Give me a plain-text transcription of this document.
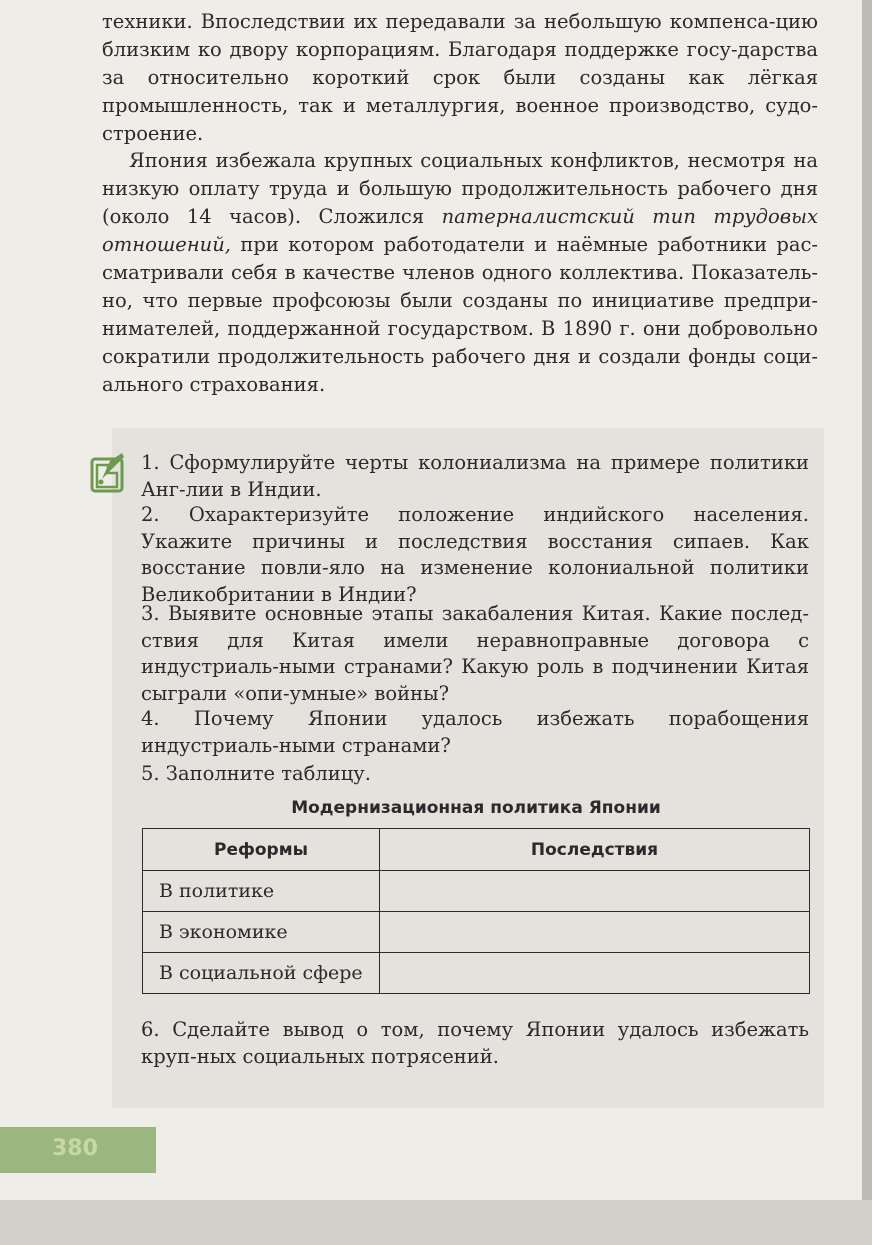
техники. Впоследствии их передавали за небольшую компенса-цию близким ко двору корпорациям. Благодаря поддержке госу-дарства за относительно короткий срок были созданы как лёгкая промышленность, так и металлургия, военное производство, судо-строение.

Япония избежала крупных социальных конфликтов, несмотря на низкую оплату труда и большую продолжительность рабочего дня (около 14 часов). Сложился патерналистский тип трудовых отношений, при котором работодатели и наёмные работники рас-сматривали себя в качестве членов одного коллектива. Показатель-но, что первые профсоюзы были созданы по инициативе предпри-нимателей, поддержанной государством. В 1890 г. они добровольно сократили продолжительность рабочего дня и создали фонды соци-ального страхования.

1. Сформулируйте черты колониализма на примере политики Анг-лии в Индии.

2. Охарактеризуйте положение индийского населения. Укажите причины и последствия восстания сипаев. Как восстание повли-яло на изменение колониальной политики Великобритании в Индии?

3. Выявите основные этапы закабаления Китая. Какие послед-ствия для Китая имели неравноправные договора с индустриаль-ными странами? Какую роль в подчинении Китая сыграли «опи-умные» войны?

4. Почему Японии удалось избежать порабощения индустриаль-ными странами?

5. Заполните таблицу.

Модернизационная политика Японии

Реформы	Последствия
В политике	
В экономике	
В социальной сфере	

6. Сделайте вывод о том, почему Японии удалось избежать круп-ных социальных потрясений.

380
